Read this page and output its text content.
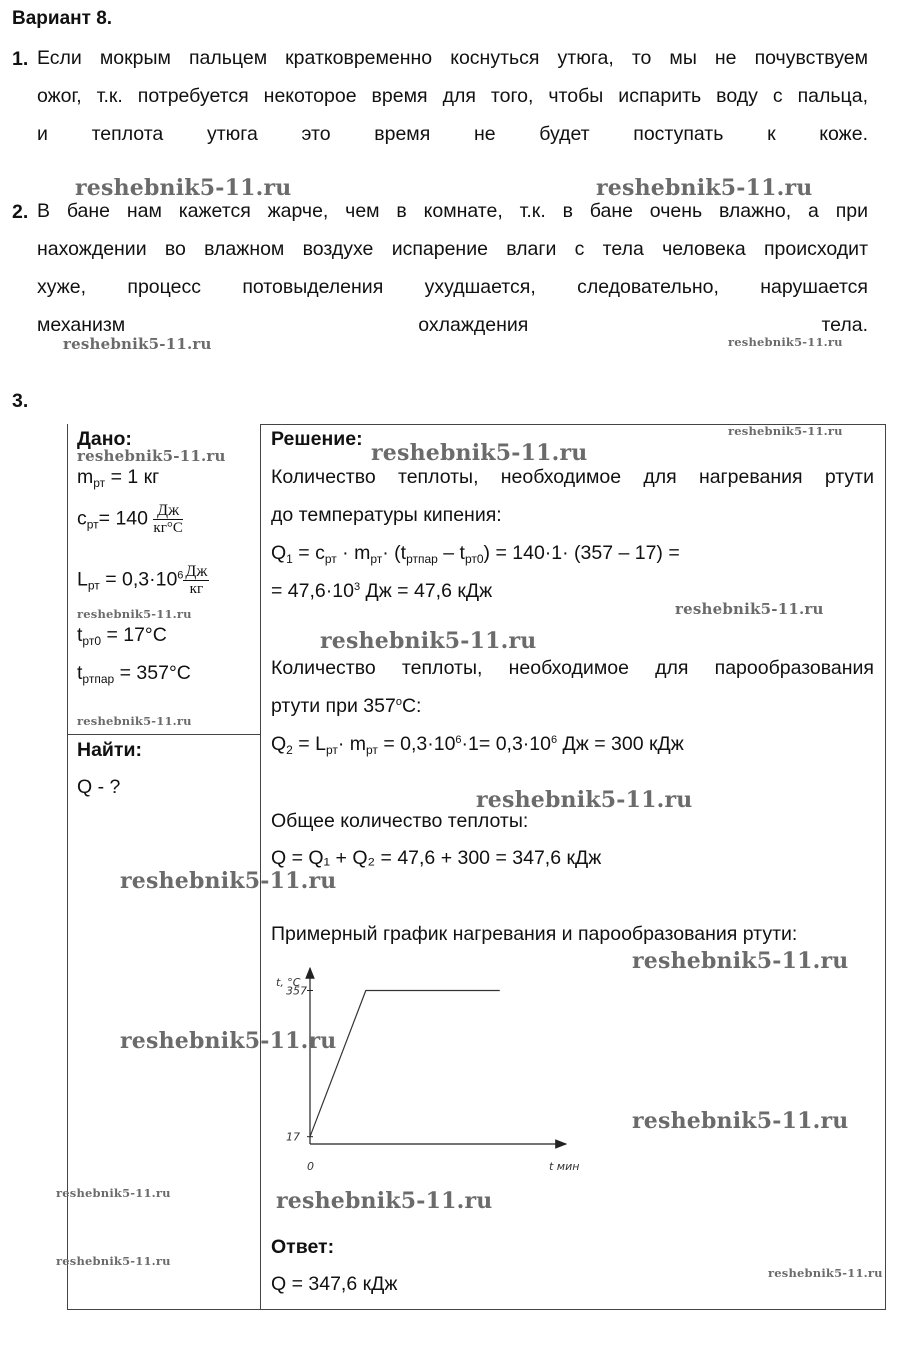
Вариант 8.
1. Если мокрым пальцем кратковременно коснуться утюга, то мы не почувствуем
ожог, т.к. потребуется некоторое время для того, чтобы испарить воду с пальца,
и теплота утюга это время не будет поступать к коже.
2. В бане нам кажется жарче, чем в комнате, т.к. в бане очень влажно, а при
нахождении во влажном воздухе испарение влаги с тела человека происходит
хуже, процесс потовыделения ухудшается, следовательно, нарушается
механизм охлаждения тела.
3.
Дано:
$m_{рт} = 1$ кг
$c_{рт}= 140 \frac{Дж}{кг^\circ C}$
$L_{рт} = 0,3\cdot 10^6 \frac{Дж}{кг}$
$t_{рт0} = 17^\circ C$
$t_{ртпар} = 357^\circ C$
Найти:
Q - ?
Решение:
Количество теплоты, необходимое для нагревания ртути
до температуры кипения:
$Q_1 = c_{рт} \cdot m_{рт}\cdot (t_{ртпар} - t_{рт0}) = 140\cdot 1\cdot (357 - 17)$ =
= $47,6\cdot 10^3$ Дж = 47,6 кДж
Количество теплоты, необходимое для парообразования
ртути при 357$^o$C:
$Q_2 = L_{рт}\cdot m_{рт} = 0,3\cdot 10^6\cdot 1= 0,3\cdot 10^6$ Дж = 300 кДж
Общее количество теплоты:
Q = Q₁ + Q₂ = 47,6 + 300 = 347,6 кДж
Примерный график нагревания и парообразования ртути:
17
357
t, °C
t мин
0
Ответ:
Q = 347,6 кДж
reshebnik5-11.ru	reshebnik5-11.ru
reshebnik5-11.ru	reshebnik5-11.ru
reshebnik5-11.ru
reshebnik5-11.ru
reshebnik5-11.ru
reshebnik5-11.ru
reshebnik5-11.ru
reshebnik5-11.ru
reshebnik5-11.ru
reshebnik5-11.ru
reshebnik5-11.ru
reshebnik5-11.ru
reshebnik5-11.ru
reshebnik5-11.ru
reshebnik5-11.ru	reshebnik5-11.ru
reshebnik5-11.ru
reshebnik5-11.ru
